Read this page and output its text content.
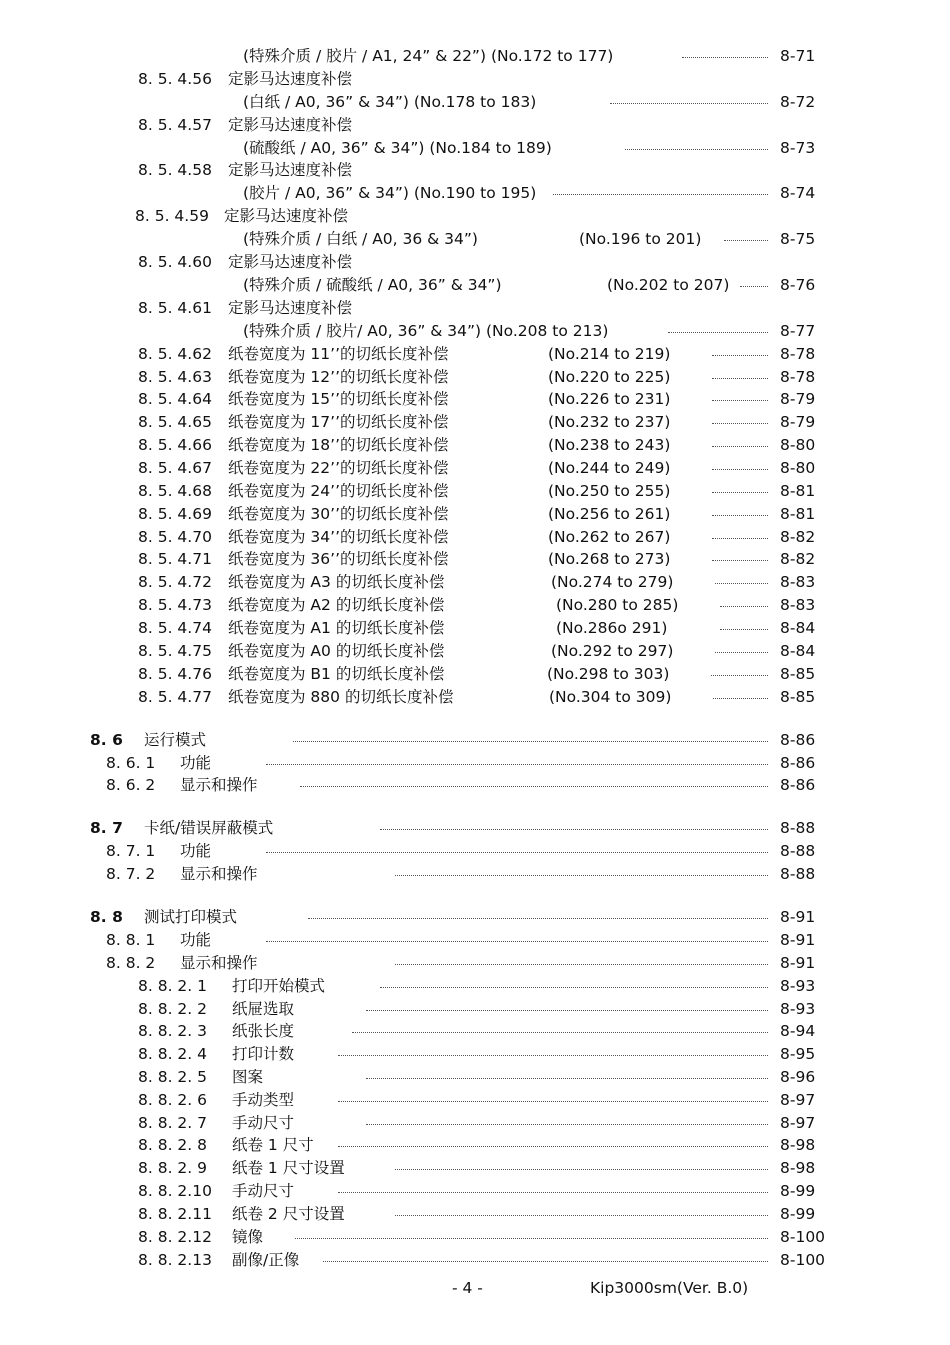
(特殊介质 / 胶片 / A1, 24” & 22”) (No.172 to 177)	8-71
8. 5. 4.56 定影马达速度补偿
(白纸 / A0, 36” & 34”) (No.178 to 183)	8-72
8. 5. 4.57 定影马达速度补偿
(硫酸纸 / A0, 36” & 34”) (No.184 to 189)	8-73
8. 5. 4.58 定影马达速度补偿
(胶片 / A0, 36” & 34”) (No.190 to 195)	8-74
8. 5. 4.59 定影马达速度补偿
(特殊介质 / 白纸 / A0, 36 & 34”)	(No.196 to 201)	8-75
8. 5. 4.60 定影马达速度补偿
(特殊介质 / 硫酸纸 / A0, 36” & 34”)	(No.202 to 207)	8-76
8. 5. 4.61 定影马达速度补偿
(特殊介质 / 胶片/ A0, 36” & 34”) (No.208 to 213)	8-77
8. 5. 4.62 纸卷宽度为 11’’的切纸长度补偿	(No.214 to 219)	8-78
8. 5. 4.63 纸卷宽度为 12’’的切纸长度补偿	(No.220 to 225)	8-78
8. 5. 4.64 纸卷宽度为 15’’的切纸长度补偿	(No.226 to 231)	8-79
8. 5. 4.65 纸卷宽度为 17’’的切纸长度补偿	(No.232 to 237)	8-79
8. 5. 4.66 纸卷宽度为 18’’的切纸长度补偿	(No.238 to 243)	8-80
8. 5. 4.67 纸卷宽度为 22’’的切纸长度补偿	(No.244 to 249)	8-80
8. 5. 4.68 纸卷宽度为 24’’的切纸长度补偿	(No.250 to 255)	8-81
8. 5. 4.69 纸卷宽度为 30’’的切纸长度补偿	(No.256 to 261)	8-81
8. 5. 4.70 纸卷宽度为 34’’的切纸长度补偿	(No.262 to 267)	8-82
8. 5. 4.71 纸卷宽度为 36’’的切纸长度补偿	(No.268 to 273)	8-82
8. 5. 4.72 纸卷宽度为 A3 的切纸长度补偿	(No.274 to 279)	8-83
8. 5. 4.73 纸卷宽度为 A2 的切纸长度补偿	(No.280 to 285)	8-83
8. 5. 4.74 纸卷宽度为 A1 的切纸长度补偿	(No.286o 291)	8-84
8. 5. 4.75 纸卷宽度为 A0 的切纸长度补偿	(No.292 to 297)	8-84
8. 5. 4.76 纸卷宽度为 B1 的切纸长度补偿	(No.298 to 303)	8-85
8. 5. 4.77 纸卷宽度为 880 的切纸长度补偿	(No.304 to 309)	8-85
8. 6 运行模式	8-86
8. 6. 1 功能	8-86
8. 6. 2 显示和操作	8-86
8. 7 卡纸/错误屏蔽模式	8-88
8. 7. 1 功能	8-88
8. 7. 2 显示和操作	8-88
8. 8 测试打印模式	8-91
8. 8. 1 功能	8-91
8. 8. 2 显示和操作	8-91
8. 8. 2. 1 打印开始模式	8-93
8. 8. 2. 2 纸屉选取	8-93
8. 8. 2. 3 纸张长度	8-94
8. 8. 2. 4 打印计数	8-95
8. 8. 2. 5 图案	8-96
8. 8. 2. 6 手动类型	8-97
8. 8. 2. 7 手动尺寸	8-97
8. 8. 2. 8 纸卷 1 尺寸	8-98
8. 8. 2. 9 纸卷 1 尺寸设置	8-98
8. 8. 2.10 手动尺寸	8-99
8. 8. 2.11 纸卷 2 尺寸设置	8-99
8. 8. 2.12 镜像	8-100
8. 8. 2.13 副像/正像	8-100
- 4 -	Kip3000sm(Ver. B.0)
